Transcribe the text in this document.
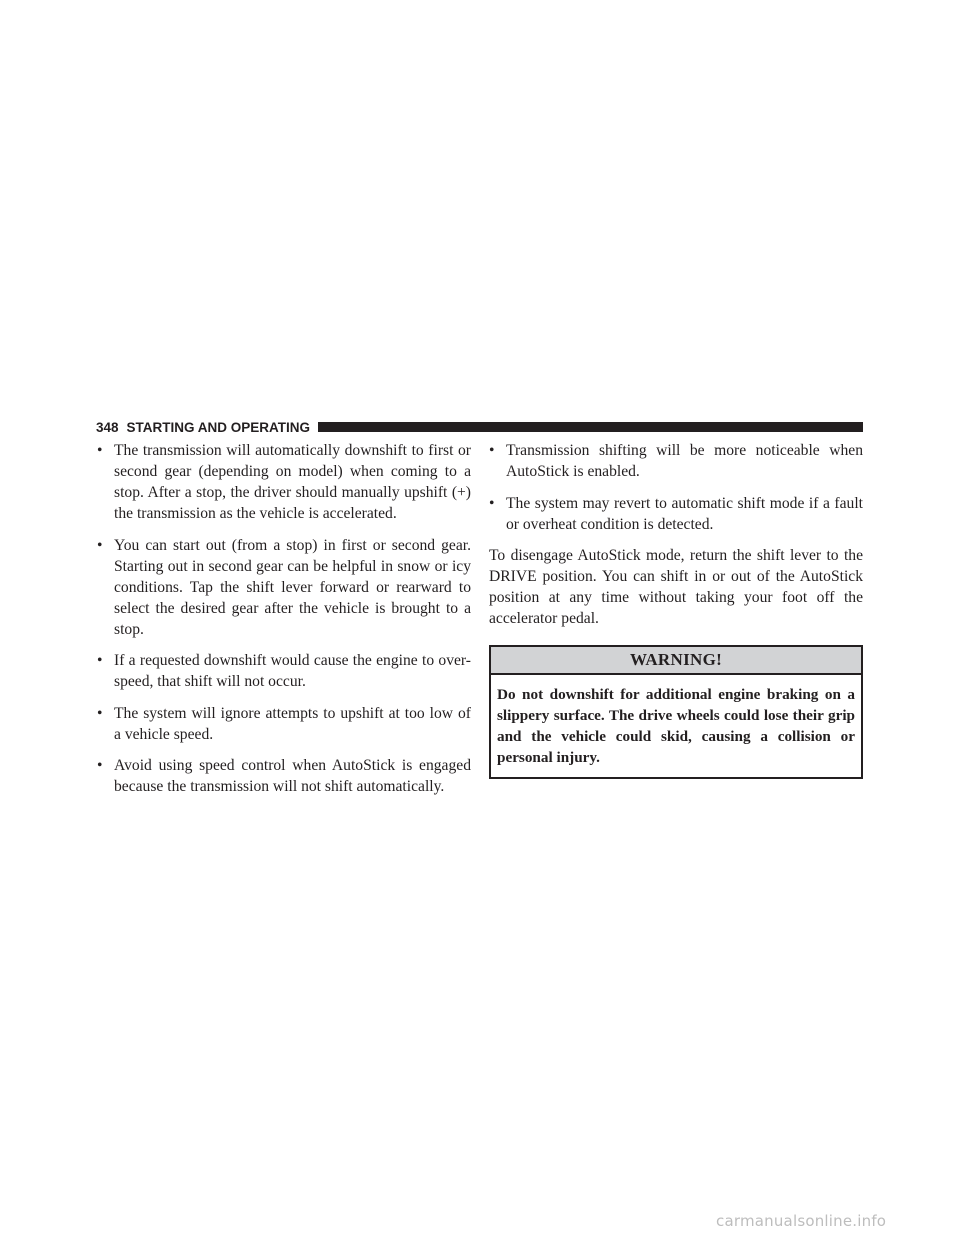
348 STARTING AND OPERATING
• The transmission will automatically downshift to first or second gear (depending on model) when coming to a stop. After a stop, the driver should manually upshift (+) the transmission as the vehicle is accelerated.
• You can start out (from a stop) in first or second gear. Starting out in second gear can be helpful in snow or icy conditions. Tap the shift lever forward or rearward to select the desired gear after the vehicle is brought to a stop.
• If a requested downshift would cause the engine to over-speed, that shift will not occur.
• The system will ignore attempts to upshift at too low of a vehicle speed.
• Avoid using speed control when AutoStick is engaged because the transmission will not shift automatically.
• Transmission shifting will be more noticeable when AutoStick is enabled.
• The system may revert to automatic shift mode if a fault or overheat condition is detected.

To disengage AutoStick mode, return the shift lever to the DRIVE position. You can shift in or out of the AutoStick position at any time without taking your foot off the accelerator pedal.

WARNING!
Do not downshift for additional engine braking on a slippery surface. The drive wheels could lose their grip and the vehicle could skid, causing a collision or personal injury.
carmanualsonline.info
